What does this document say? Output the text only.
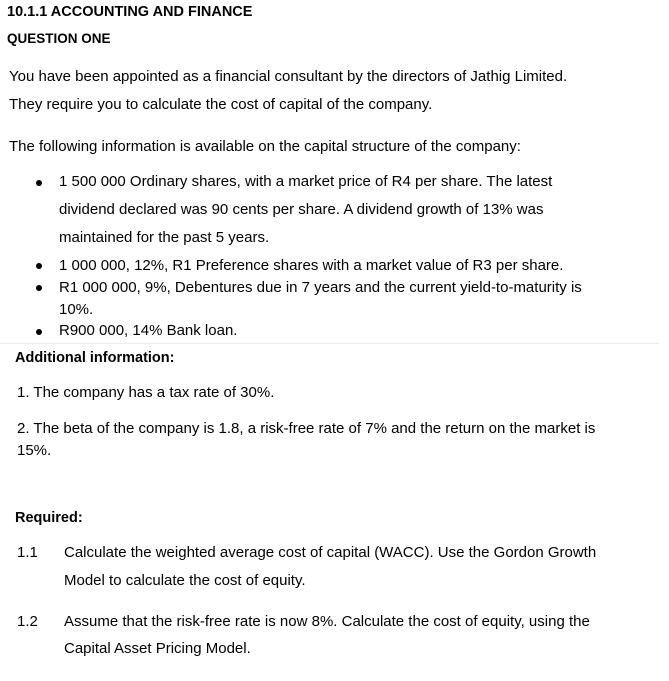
10.1.1 ACCOUNTING AND FINANCE
QUESTION ONE
You have been appointed as a financial consultant by the directors of Jathig Limited.
They require you to calculate the cost of capital of the company.
The following information is available on the capital structure of the company:
1 500 000 Ordinary shares, with a market price of R4 per share. The latest
dividend declared was 90 cents per share. A dividend growth of 13% was
maintained for the past 5 years.
1 000 000, 12%, R1 Preference shares with a market value of R3 per share.
R1 000 000, 9%, Debentures due in 7 years and the current yield-to-maturity is
10%.
R900 000, 14% Bank loan.
Additional information:
1. The company has a tax rate of 30%.
2. The beta of the company is 1.8, a risk-free rate of 7% and the return on the market is
15%.
Required:
1.1 Calculate the weighted average cost of capital (WACC). Use the Gordon Growth
Model to calculate the cost of equity.
1.2 Assume that the risk-free rate is now 8%. Calculate the cost of equity, using the
Capital Asset Pricing Model.
